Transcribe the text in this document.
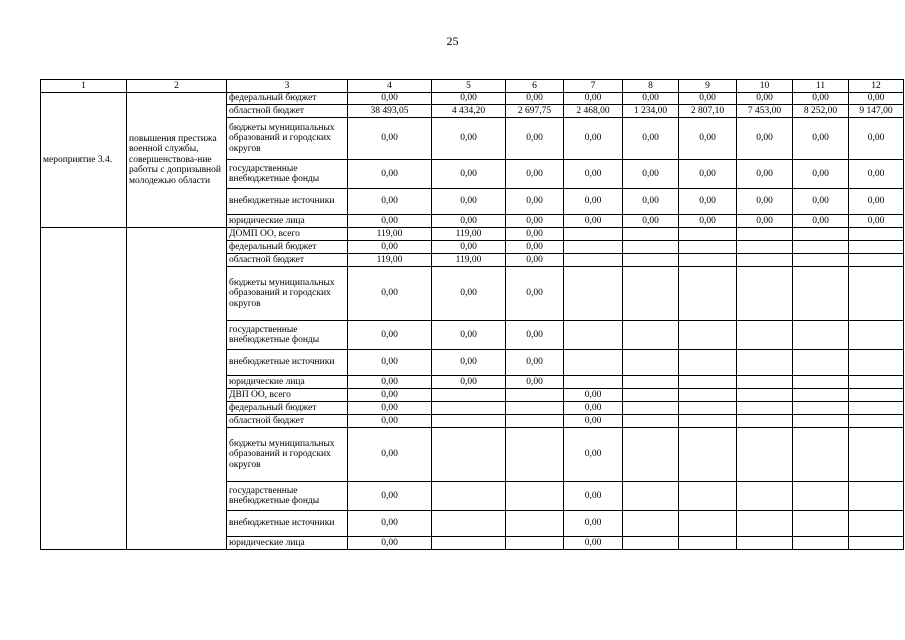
25
1	2	3	4	5	6	7	8	9	10	11	12
мероприятие 3.4.	повышения престижа военной службы, совершенствова-ние работы с допризывной молодежью области	федеральный бюджет	0,00	0,00	0,00	0,00	0,00	0,00	0,00	0,00	0,00
		областной бюджет	38 493,05	4 434,20	2 697,75	2 468,00	1 234,00	2 807,10	7 453,00	8 252,00	9 147,00
		бюджеты муниципальных образований и городских округов	0,00	0,00	0,00	0,00	0,00	0,00	0,00	0,00	0,00
		государственные внебюджетные фонды	0,00	0,00	0,00	0,00	0,00	0,00	0,00	0,00	0,00
		внебюджетные источники	0,00	0,00	0,00	0,00	0,00	0,00	0,00	0,00	0,00
		юридические лица	0,00	0,00	0,00	0,00	0,00	0,00	0,00	0,00	0,00
		ДОМП ОО, всего	119,00	119,00	0,00						
		федеральный бюджет	0,00	0,00	0,00						
		областной бюджет	119,00	119,00	0,00						
		бюджеты муниципальных образований и городских округов	0,00	0,00	0,00						
		государственные внебюджетные фонды	0,00	0,00	0,00						
		внебюджетные источники	0,00	0,00	0,00						
		юридические лица	0,00	0,00	0,00						
		ДВП ОО, всего	0,00			0,00					
		федеральный бюджет	0,00			0,00					
		областной бюджет	0,00			0,00					
		бюджеты муниципальных образований и городских округов	0,00			0,00					
		государственные внебюджетные фонды	0,00			0,00					
		внебюджетные источники	0,00			0,00					
		юридические лица	0,00			0,00					
